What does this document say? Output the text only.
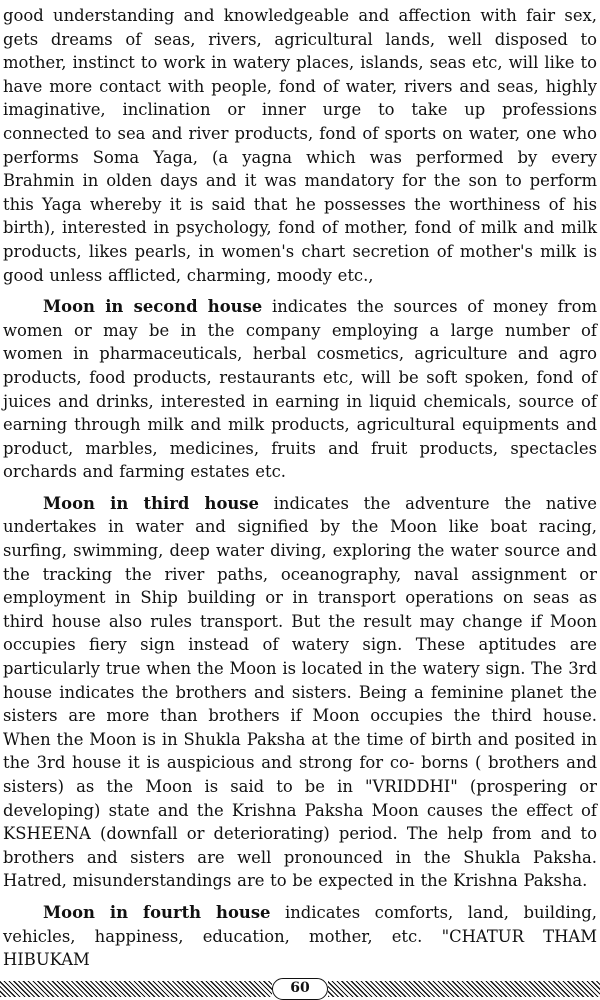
good understanding and knowledgeable and affection with fair sex, gets dreams of seas, rivers, agricultural lands, well disposed to mother, instinct to work in watery places, islands, seas etc, will like to have more contact with people, fond of water, rivers and seas, highly imaginative, inclination or inner urge to take up professions connected to sea and river products, fond of sports on water, one who performs Soma Yaga, (a yagna which was performed by every Brahmin in olden days and it was mandatory for the son to perform this Yaga whereby it is said that he possesses the worthiness of his birth), interested in psychology, fond of mother, fond of milk and milk products, likes pearls, in women's chart secretion of mother's milk is good unless afflicted, charming, moody etc.,

Moon in second house indicates the sources of money from women or may be in the company employing a large number of women in pharmaceuticals, herbal cosmetics, agriculture and agro products, food products, restaurants etc, will be soft spoken, fond of juices and drinks, interested in earning in liquid chemicals, source of earning through milk and milk products, agricultural equipments and product, marbles, medicines, fruits and fruit products, spectacles orchards and farming estates etc.

Moon in third house indicates the adventure the native undertakes in water and signified by the Moon like boat racing, surfing, swimming, deep water diving, exploring the water source and the tracking the river paths, oceanography, naval assignment or employment in Ship building or in transport operations on seas as third house also rules transport. But the result may change if Moon occupies fiery sign instead of watery sign. These aptitudes are particularly true when the Moon is located in the watery sign. The 3rd house indicates the brothers and sisters. Being a feminine planet the sisters are more than brothers if Moon occupies the third house. When the Moon is in Shukla Paksha at the time of birth and posited in the 3rd house it is auspicious and strong for co- borns ( brothers and sisters) as the Moon is said to be in "VRIDDHI" (prospering or developing) state and the Krishna Paksha Moon causes the effect of KSHEENA (downfall or deteriorating) period. The help from and to brothers and sisters are well pronounced in the Shukla Paksha. Hatred, misunderstandings are to be expected in the Krishna Paksha.

Moon in fourth house indicates comforts, land, building, vehicles, happiness, education, mother, etc. "CHATUR THAM HIBUKAM

60
